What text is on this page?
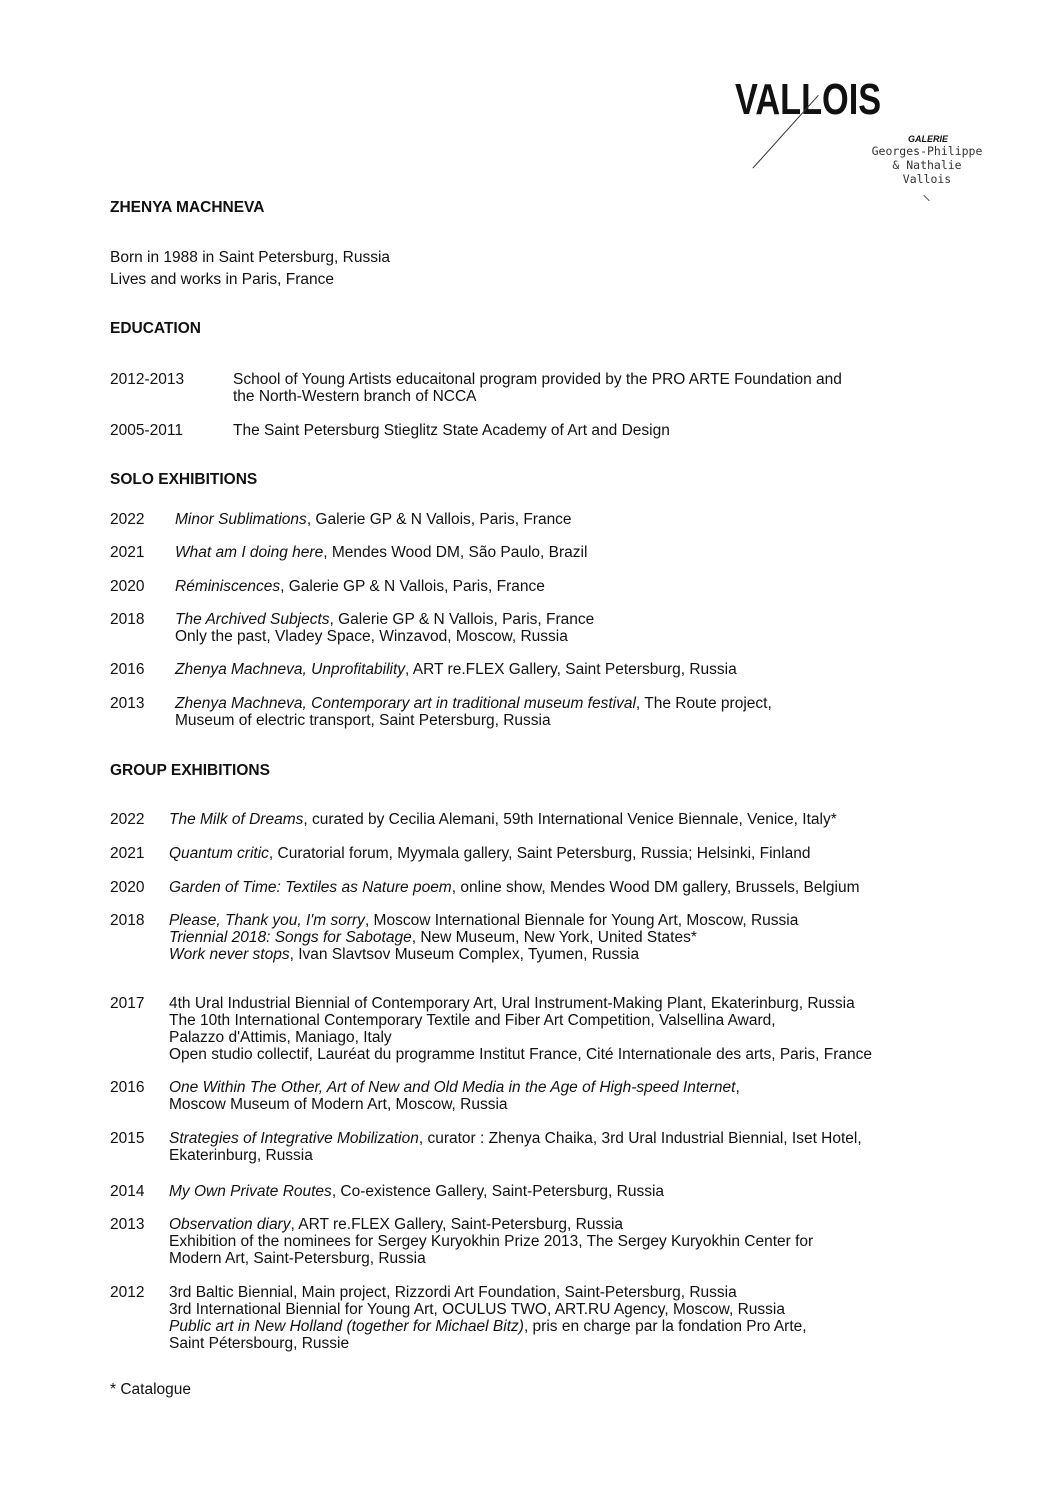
VALLOIS
GALERIE
Georges-Philippe
& Nathalie
Vallois
ZHENYA MACHNEVA
Born in 1988 in Saint Petersburg, Russia
Lives and works in Paris, France
EDUCATION
2012-2013	School of Young Artists educaitonal program provided by the PRO ARTE Foundation and
the North-Western branch of NCCA
2005-2011	The Saint Petersburg Stieglitz State Academy of Art and Design
SOLO EXHIBITIONS
2022 Minor Sublimations, Galerie GP & N Vallois, Paris, France
2021 What am I doing here, Mendes Wood DM, São Paulo, Brazil
2020 Réminiscences, Galerie GP & N Vallois, Paris, France
2018 The Archived Subjects, Galerie GP & N Vallois, Paris, France
Only the past, Vladey Space, Winzavod, Moscow, Russia
2016 Zhenya Machneva, Unprofitability, ART re.FLEX Gallery, Saint Petersburg, Russia
2013 Zhenya Machneva, Contemporary art in traditional museum festival, The Route project,
Museum of electric transport, Saint Petersburg, Russia
GROUP EXHIBITIONS
2022 The Milk of Dreams, curated by Cecilia Alemani, 59th International Venice Biennale, Venice, Italy*
2021 Quantum critic, Curatorial forum, Myymala gallery, Saint Petersburg, Russia; Helsinki, Finland
2020 Garden of Time: Textiles as Nature poem, online show, Mendes Wood DM gallery, Brussels, Belgium
2018 Please, Thank you, I'm sorry, Moscow International Biennale for Young Art, Moscow, Russia
Triennial 2018: Songs for Sabotage, New Museum, New York, United States*
Work never stops, Ivan Slavtsov Museum Complex, Tyumen, Russia
2017 4th Ural Industrial Biennial of Contemporary Art, Ural Instrument-Making Plant, Ekaterinburg, Russia
The 10th International Contemporary Textile and Fiber Art Competition, Valsellina Award,
Palazzo d'Attimis, Maniago, Italy
Open studio collectif, Lauréat du programme Institut France, Cité Internationale des arts, Paris, France
2016 One Within The Other, Art of New and Old Media in the Age of High-speed Internet,
Moscow Museum of Modern Art, Moscow, Russia
2015 Strategies of Integrative Mobilization, curator : Zhenya Chaika, 3rd Ural Industrial Biennial, Iset Hotel,
Ekaterinburg, Russia
2014 My Own Private Routes, Co-existence Gallery, Saint-Petersburg, Russia
2013 Observation diary, ART re.FLEX Gallery, Saint-Petersburg, Russia
Exhibition of the nominees for Sergey Kuryokhin Prize 2013, The Sergey Kuryokhin Center for
Modern Art, Saint-Petersburg, Russia
2012 3rd Baltic Biennial, Main project, Rizzordi Art Foundation, Saint-Petersburg, Russia
3rd International Biennial for Young Art, OCULUS TWO, ART.RU Agency, Moscow, Russia
Public art in New Holland (together for Michael Bitz), pris en charge par la fondation Pro Arte,
Saint Pétersbourg, Russie
* Catalogue
